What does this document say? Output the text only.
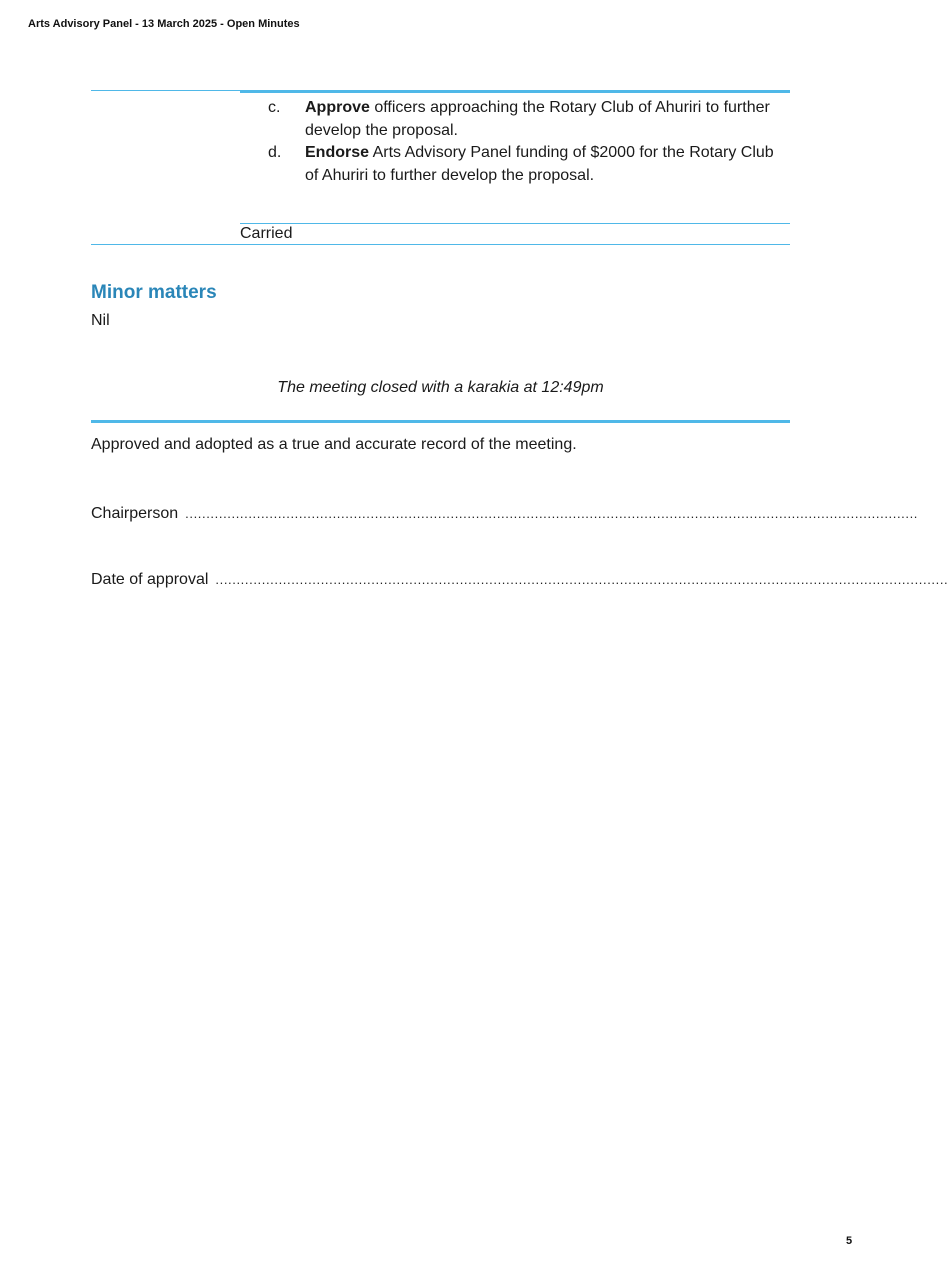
Arts Advisory Panel - 13 March 2025 - Open Minutes
c. Approve officers approaching the Rotary Club of Ahuriri to further develop the proposal.
d. Endorse Arts Advisory Panel funding of $2000 for the Rotary Club of Ahuriri to further develop the proposal.
Carried
Minor matters
Nil
The meeting closed with a karakia at 12:49pm
Approved and adopted as a true and accurate record of the meeting.
Chairperson ..............................................................................................................................................................................
Date of approval ..............................................................................................................................................................................
5
